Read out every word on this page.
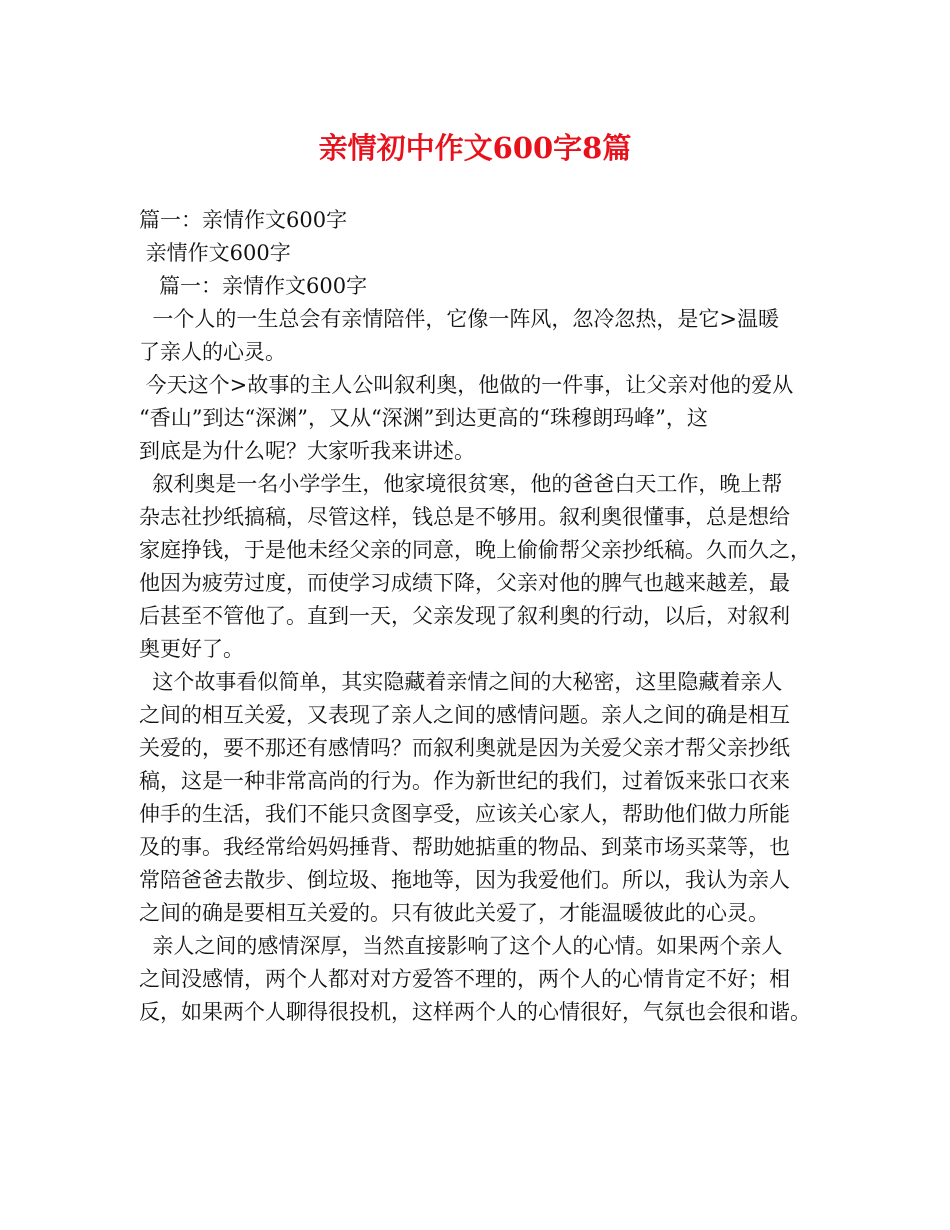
亲情初中作文600字8篇
篇一：亲情作文600字
亲情作文600字
篇一：亲情作文600字
一个人的一生总会有亲情陪伴，它像一阵风，忽冷忽热，是它>温暖
了亲人的心灵。
今天这个>故事的主人公叫叙利奥，他做的一件事，让父亲对他的爱从
“香山”到达“深渊”，又从“深渊”到达更高的“珠穆朗玛峰”，这
到底是为什么呢？大家听我来讲述。
叙利奥是一名小学学生，他家境很贫寒，他的爸爸白天工作，晚上帮
杂志社抄纸搞稿，尽管这样，钱总是不够用。叙利奥很懂事，总是想给
家庭挣钱，于是他未经父亲的同意，晚上偷偷帮父亲抄纸稿。久而久之，
他因为疲劳过度，而使学习成绩下降，父亲对他的脾气也越来越差，最
后甚至不管他了。直到一天，父亲发现了叙利奥的行动，以后，对叙利
奥更好了。
这个故事看似简单，其实隐藏着亲情之间的大秘密，这里隐藏着亲人
之间的相互关爱，又表现了亲人之间的感情问题。亲人之间的确是相互
关爱的，要不那还有感情吗？而叙利奥就是因为关爱父亲才帮父亲抄纸
稿，这是一种非常高尚的行为。作为新世纪的我们，过着饭来张口衣来
伸手的生活，我们不能只贪图享受，应该关心家人，帮助他们做力所能
及的事。我经常给妈妈捶背、帮助她掂重的物品、到菜市场买菜等，也
常陪爸爸去散步、倒垃圾、拖地等，因为我爱他们。所以，我认为亲人
之间的确是要相互关爱的。只有彼此关爱了，才能温暖彼此的心灵。
亲人之间的感情深厚，当然直接影响了这个人的心情。如果两个亲人
之间没感情，两个人都对对方爱答不理的，两个人的心情肯定不好；相
反，如果两个人聊得很投机，这样两个人的心情很好，气氛也会很和谐。
